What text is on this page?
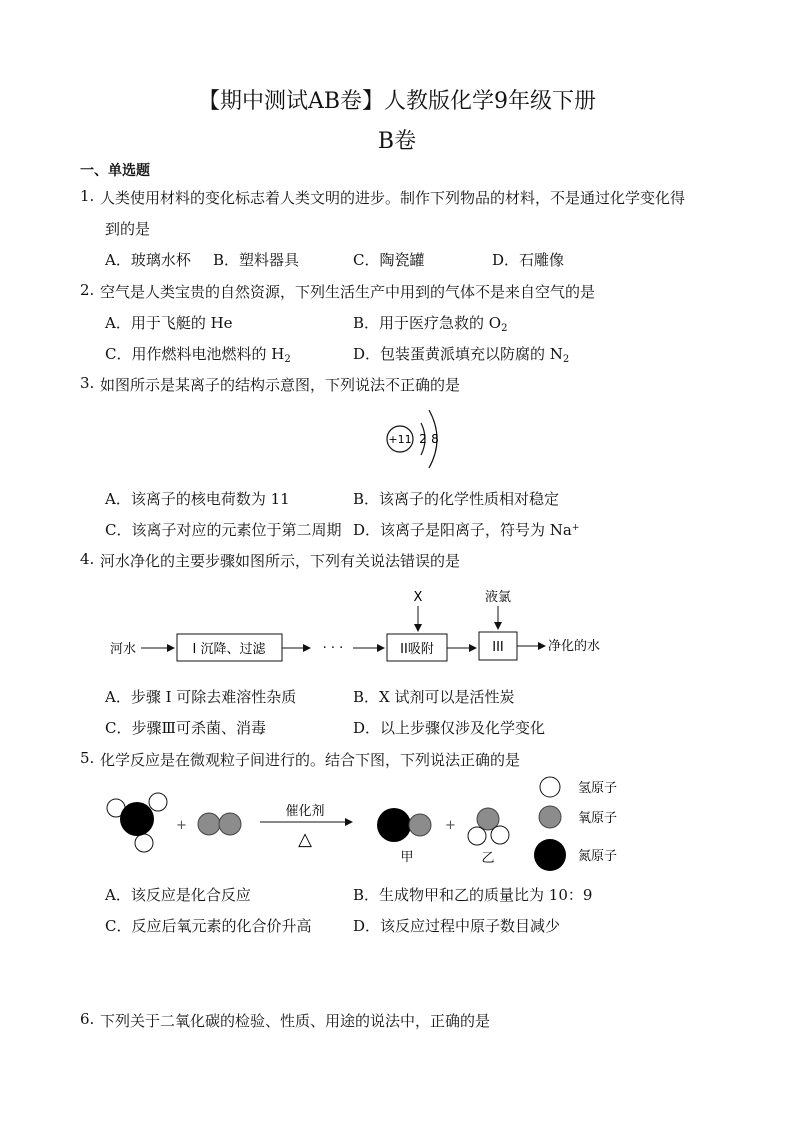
【期中测试AB卷】人教版化学9年级下册
B卷
一、单选题
1. 人类使用材料的变化标志着人类文明的进步。制作下列物品的材料，不是通过化学变化得
到的是
A．玻璃水杯 B．塑料器具	C．陶瓷罐	D．石雕像
2. 空气是人类宝贵的自然资源，下列生活生产中用到的气体不是来自空气的是
A．用于飞艇的 He	B．用于医疗急救的 $O_2$
C．用作燃料电池燃料的 $H_2$	D．包装蛋黄派填充以防腐的 $N_2$
3. 如图所示是某离子的结构示意图，下列说法不正确的是
+11 2 8
A．该离子的核电荷数为 11	B．该离子的化学性质相对稳定
C．该离子对应的元素位于第二周期 D．该离子是阳离子，符号为 Na+
4. 河水净化的主要步骤如图所示，下列有关说法错误的是
河水	I 沉降、过滤	· · ·	II吸附
X
III
液氯
净化的水
A．步骤 I 可除去难溶性杂质	B．X 试剂可以是活性炭
C．步骤Ⅲ可杀菌、消毒	D．以上步骤仅涉及化学变化
5. 化学反应是在微观粒子间进行的。结合下图，下列说法正确的是
+
催化剂
△
甲
+
乙
氢原子
氧原子
氮原子
A．该反应是化合反应	B．生成物甲和乙的质量比为 10：9
C．反应后氧元素的化合价升高	D．该反应过程中原子数目减少
6. 下列关于二氧化碳的检验、性质、用途的说法中，正确的是
